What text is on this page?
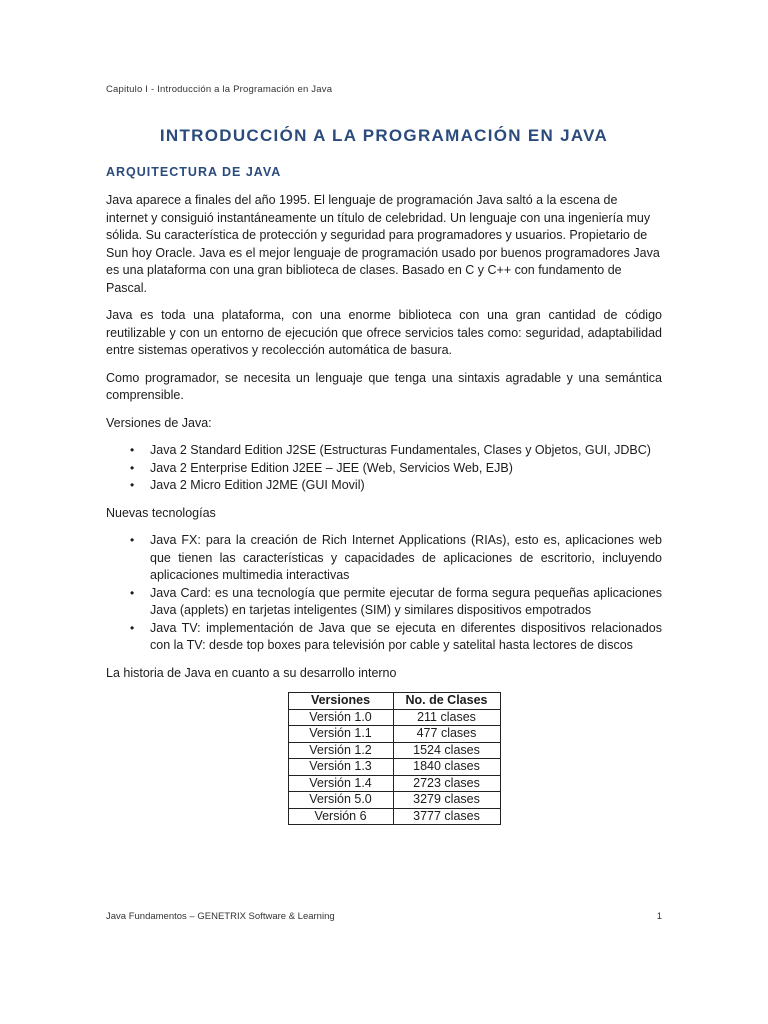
Capitulo I - Introducción a la Programación en Java
INTRODUCCIÓN A LA PROGRAMACIÓN EN JAVA
ARQUITECTURA DE JAVA

Java aparece a finales del año 1995. El lenguaje de programación Java saltó a la escena de internet y consiguió instantáneamente un título de celebridad. Un lenguaje con una ingeniería muy sólida. Su característica de protección y seguridad para programadores y usuarios. Propietario de Sun hoy Oracle. Java es el mejor lenguaje de programación usado por buenos programadores Java es una plataforma con una gran biblioteca de clases. Basado en C y C++ con fundamento de Pascal.

Java es toda una plataforma, con una enorme biblioteca con una gran cantidad de código reutilizable y con un entorno de ejecución que ofrece servicios tales como: seguridad, adaptabilidad entre sistemas operativos y recolección automática de basura.

Como programador, se necesita un lenguaje que tenga una sintaxis agradable y una semántica comprensible.

Versiones de Java:

• Java 2 Standard Edition J2SE (Estructuras Fundamentales, Clases y Objetos, GUI, JDBC)
• Java 2 Enterprise Edition J2EE – JEE (Web, Servicios Web, EJB)
• Java 2 Micro Edition J2ME (GUI Movil)

Nuevas tecnologías

• Java FX: para la creación de Rich Internet Applications (RIAs), esto es, aplicaciones web que tienen las características y capacidades de aplicaciones de escritorio, incluyendo aplicaciones multimedia interactivas
• Java Card: es una tecnología que permite ejecutar de forma segura pequeñas aplicaciones Java (applets) en tarjetas inteligentes (SIM) y similares dispositivos empotrados
• Java TV: implementación de Java que se ejecuta en diferentes dispositivos relacionados con la TV: desde top boxes para televisión por cable y satelital hasta lectores de discos

La historia de Java en cuanto a su desarrollo interno

Versiones	No. de Clases
Versión 1.0	211 clases
Versión 1.1	477 clases
Versión 1.2	1524 clases
Versión 1.3	1840 clases
Versión 1.4	2723 clases
Versión 5.0	3279 clases
Versión 6	3777 clases
Java Fundamentos – GENETRIX Software & Learning	1
